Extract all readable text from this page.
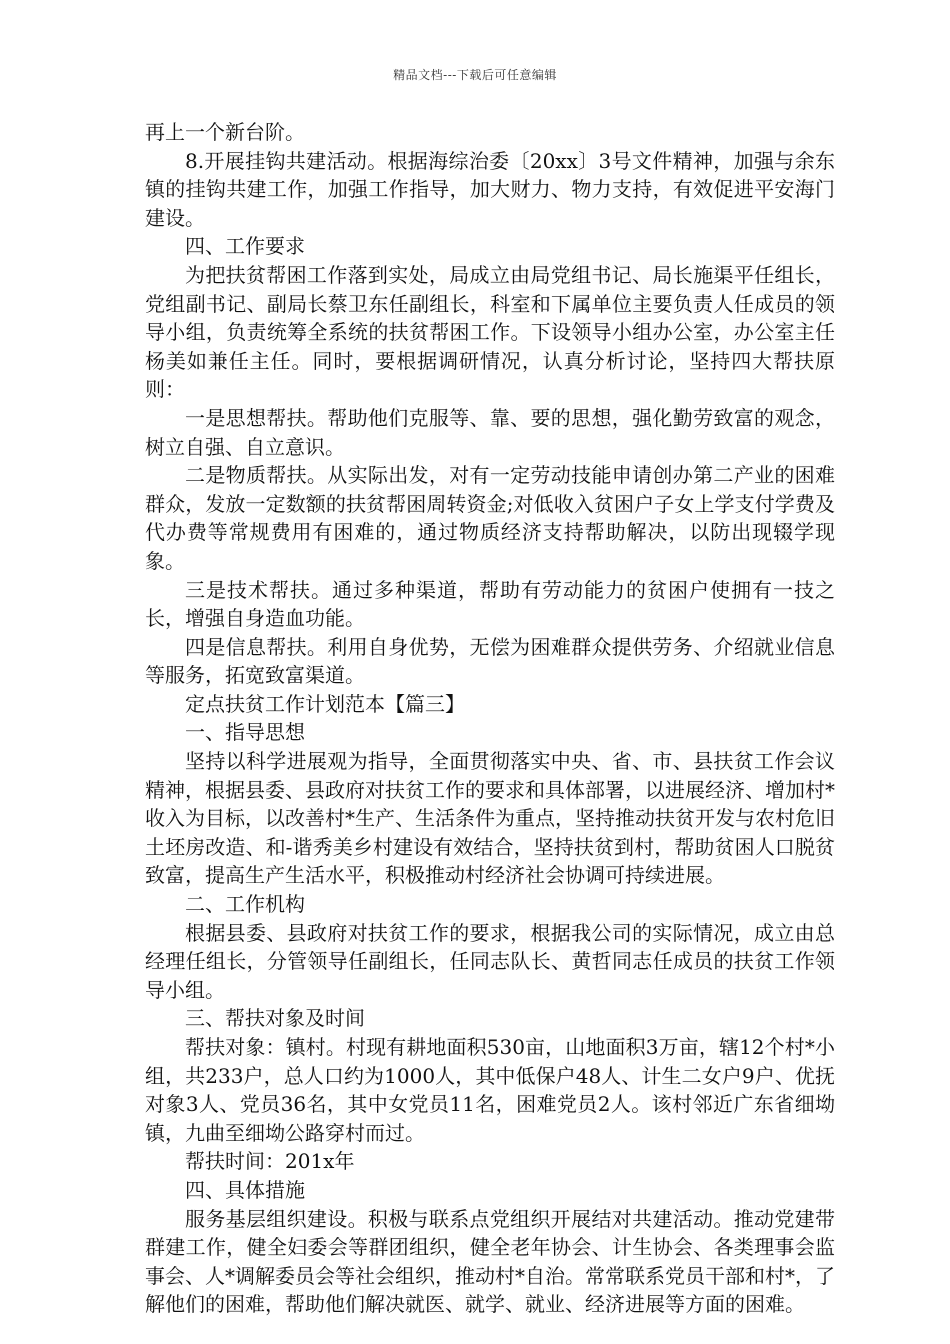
精品文档---下载后可任意编辑

再上一个新台阶。

8.开展挂钩共建活动。根据海综治委〔20xx〕3号文件精神，加强与余东镇的挂钩共建工作，加强工作指导，加大财力、物力支持，有效促进平安海门建设。

四、工作要求

为把扶贫帮困工作落到实处，局成立由局党组书记、局长施渠平任组长，党组副书记、副局长蔡卫东任副组长，科室和下属单位主要负责人任成员的领导小组，负责统筹全系统的扶贫帮困工作。下设领导小组办公室，办公室主任杨美如兼任主任。同时，要根据调研情况，认真分析讨论，坚持四大帮扶原则：

一是思想帮扶。帮助他们克服等、靠、要的思想，强化勤劳致富的观念，树立自强、自立意识。

二是物质帮扶。从实际出发，对有一定劳动技能申请创办第二产业的困难群众，发放一定数额的扶贫帮困周转资金;对低收入贫困户子女上学支付学费及代办费等常规费用有困难的，通过物质经济支持帮助解决，以防出现辍学现象。

三是技术帮扶。通过多种渠道，帮助有劳动能力的贫困户使拥有一技之长，增强自身造血功能。

四是信息帮扶。利用自身优势，无偿为困难群众提供劳务、介绍就业信息等服务，拓宽致富渠道。

定点扶贫工作计划范本【篇三】

一、指导思想

坚持以科学进展观为指导，全面贯彻落实中央、省、市、县扶贫工作会议精神，根据县委、县政府对扶贫工作的要求和具体部署，以进展经济、增加村*收入为目标，以改善村*生产、生活条件为重点，坚持推动扶贫开发与农村危旧土坯房改造、和-谐秀美乡村建设有效结合，坚持扶贫到村，帮助贫困人口脱贫致富，提高生产生活水平，积极推动村经济社会协调可持续进展。

二、工作机构

根据县委、县政府对扶贫工作的要求，根据我公司的实际情况，成立由总经理任组长，分管领导任副组长，任同志队长、黄哲同志任成员的扶贫工作领导小组。

三、帮扶对象及时间

帮扶对象：镇村。村现有耕地面积530亩，山地面积3万亩，辖12个村*小组，共233户，总人口约为1000人，其中低保户48人、计生二女户9户、优抚对象3人、党员36名，其中女党员11名，困难党员2人。该村邻近广东省细坳镇，九曲至细坳公路穿村而过。

帮扶时间：201x年

四、具体措施

服务基层组织建设。积极与联系点党组织开展结对共建活动。推动党建带群建工作，健全妇委会等群团组织，健全老年协会、计生协会、各类理事会监事会、人*调解委员会等社会组织，推动村*自治。常常联系党员干部和村*，了解他们的困难，帮助他们解决就医、就学、就业、经济进展等方面的困难。
